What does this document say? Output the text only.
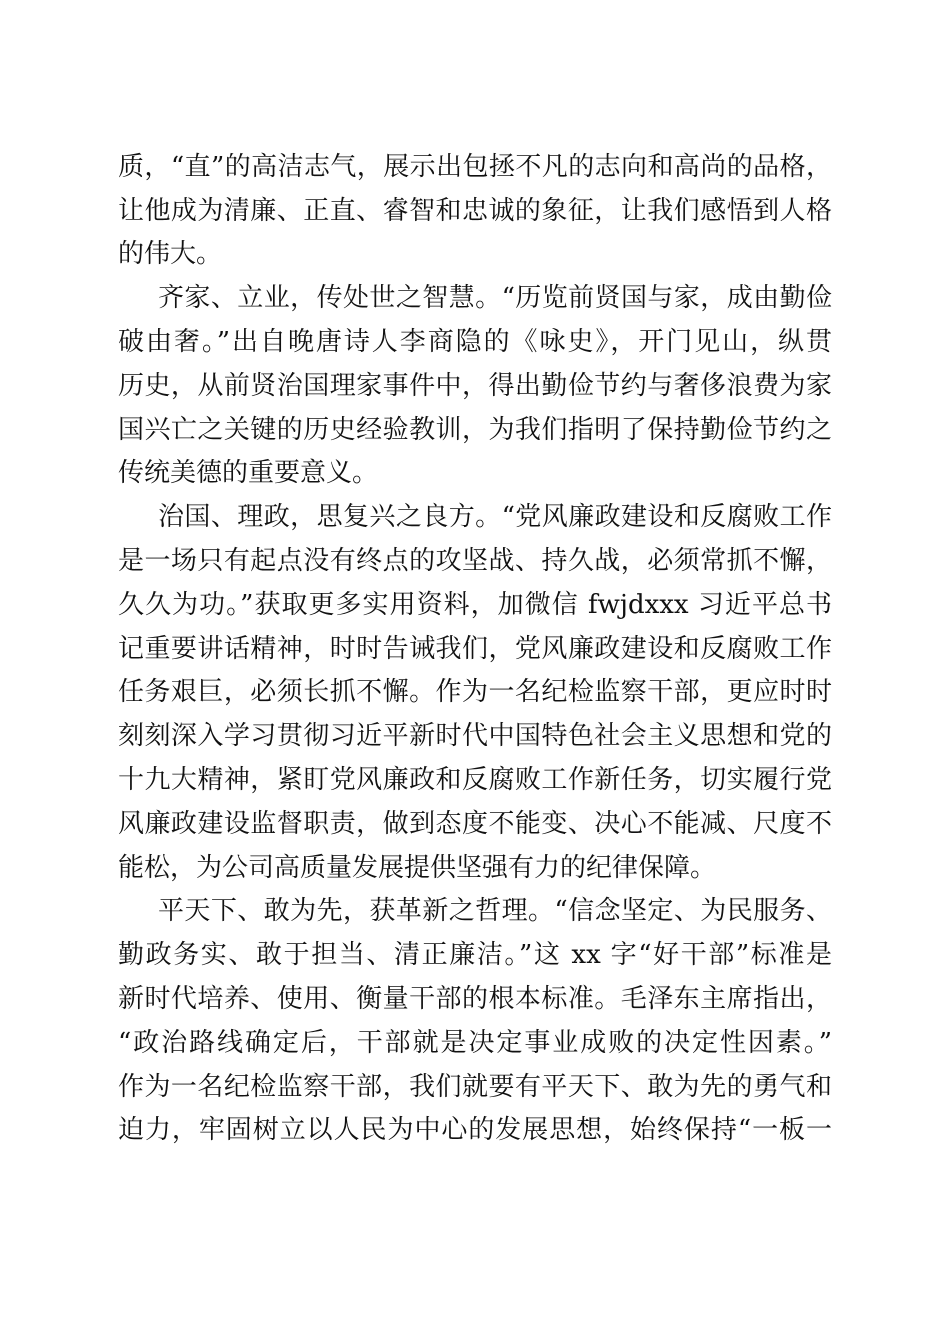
质，“直”的高洁志气，展示出包拯不凡的志向和高尚的品格，
让他成为清廉、正直、睿智和忠诚的象征，让我们感悟到人格
的伟大。
齐家、立业，传处世之智慧。“历览前贤国与家，成由勤俭
破由奢。”出自晚唐诗人李商隐的《咏史》，开门见山，纵贯
历史，从前贤治国理家事件中，得出勤俭节约与奢侈浪费为家
国兴亡之关键的历史经验教训，为我们指明了保持勤俭节约之
传统美德的重要意义。
治国、理政，思复兴之良方。“党风廉政建设和反腐败工作
是一场只有起点没有终点的攻坚战、持久战，必须常抓不懈，
久久为功。”获取更多实用资料，加微信 fwjdxxx 习近平总书
记重要讲话精神，时时告诫我们，党风廉政建设和反腐败工作
任务艰巨，必须长抓不懈。作为一名纪检监察干部，更应时时
刻刻深入学习贯彻习近平新时代中国特色社会主义思想和党的
十九大精神，紧盯党风廉政和反腐败工作新任务，切实履行党
风廉政建设监督职责，做到态度不能变、决心不能减、尺度不
能松，为公司高质量发展提供坚强有力的纪律保障。
平天下、敢为先，获革新之哲理。“信念坚定、为民服务、
勤政务实、敢于担当、清正廉洁。”这 xx 字“好干部”标准是
新时代培养、使用、衡量干部的根本标准。毛泽东主席指出，
“政治路线确定后，干部就是决定事业成败的决定性因素。”
作为一名纪检监察干部，我们就要有平天下、敢为先的勇气和
迫力，牢固树立以人民为中心的发展思想，始终保持“一板一
